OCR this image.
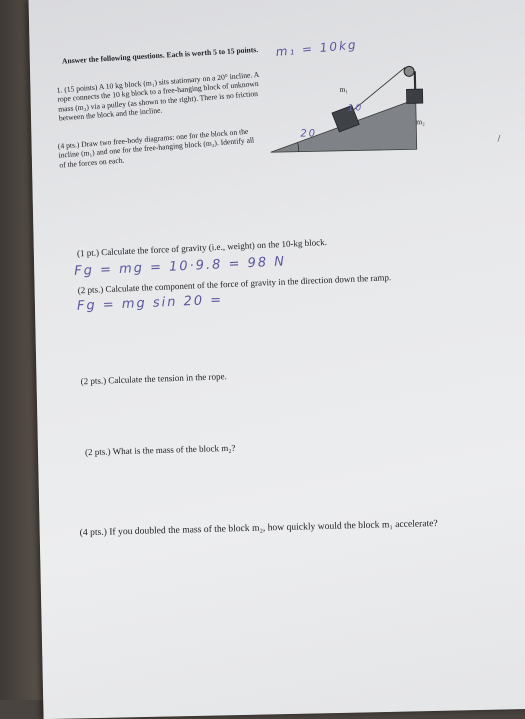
Answer the following questions. Each is worth 5 to 15 points.	m₁ = 10kg
1. (15 points) A 10 kg block (m₁) sits stationary on a 20° incline. A rope connects the 10 kg block to a free-hanging block of unknown mass (m₂) via a pulley (as shown to the right). There is no friction between the block and the incline.
(4 pts.) Draw two free-body diagrams: one for the block on the incline (m₁) and one for the free-hanging block (m₂). Identify all of the forces on each.
m₁
m₂
10
20
(1 pt.) Calculate the force of gravity (i.e., weight) on the 10-kg block.
Fg = mg = 10·9.8 = 98 N
(2 pts.) Calculate the component of the force of gravity in the direction down the ramp.
Fg = mg sin 20 =
(2 pts.) Calculate the tension in the rope.
(2 pts.) What is the mass of the block m₂?
(4 pts.) If you doubled the mass of the block m₂, how quickly would the block m₁ accelerate?
/
